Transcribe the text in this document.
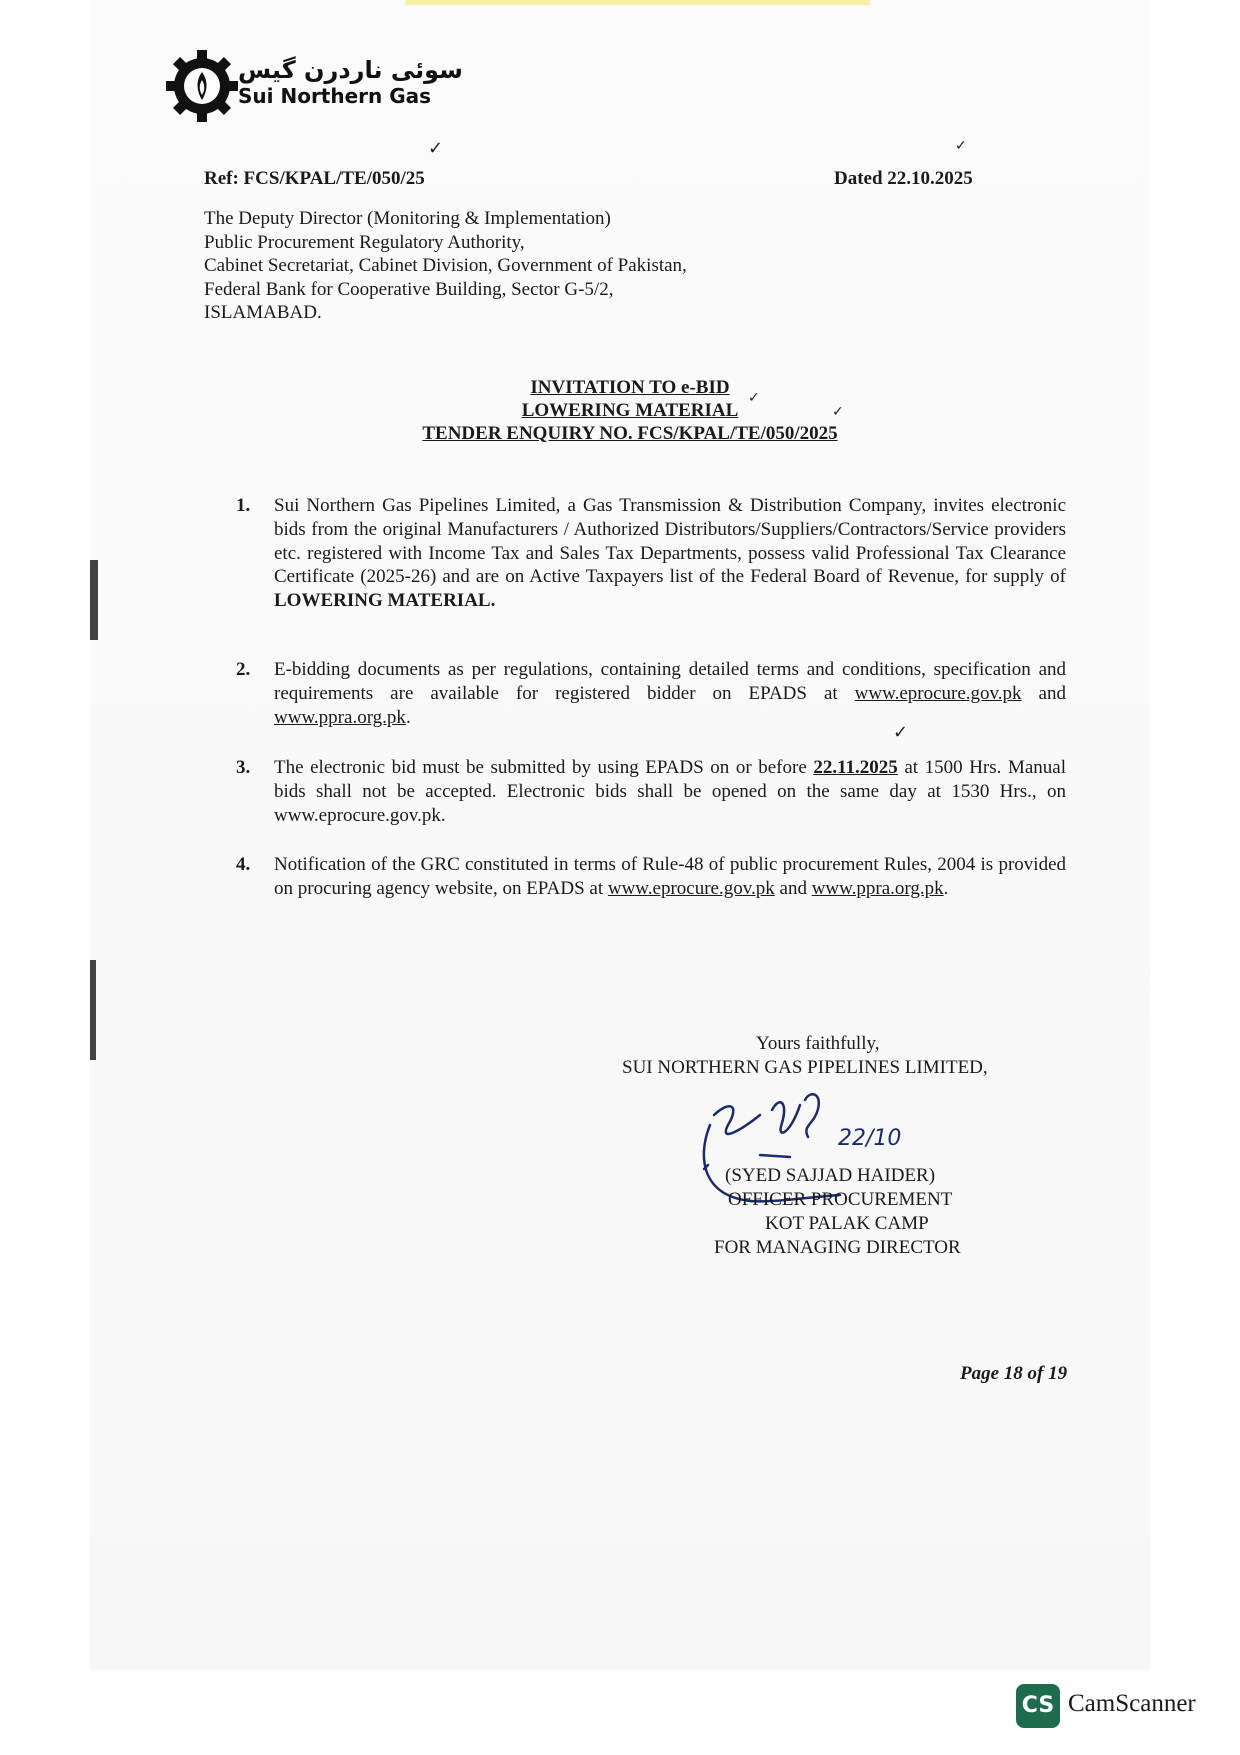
سوئی ناردرن گیس
Sui Northern Gas
✓	✓
Ref: FCS/KPAL/TE/050/25	Dated 22.10.2025
The Deputy Director (Monitoring & Implementation)
Public Procurement Regulatory Authority,
Cabinet Secretariat, Cabinet Division, Government of Pakistan,
Federal Bank for Cooperative Building, Sector G-5/2,
ISLAMABAD.
INVITATION TO e-BID
LOWERING MATERIAL
TENDER ENQUIRY NO. FCS/KPAL/TE/050/2025
✓
✓
1. Sui Northern Gas Pipelines Limited, a Gas Transmission & Distribution Company, invites electronic bids from the original Manufacturers / Authorized Distributors/Suppliers/Contractors/Service providers etc. registered with Income Tax and Sales Tax Departments, possess valid Professional Tax Clearance Certificate (2025-26) and are on Active Taxpayers list of the Federal Board of Revenue, for supply of LOWERING MATERIAL.
2. E-bidding documents as per regulations, containing detailed terms and conditions, specification and requirements are available for registered bidder on EPADS at www.eprocure.gov.pk and www.ppra.org.pk.
✓
3. The electronic bid must be submitted by using EPADS on or before 22.11.2025 at 1500 Hrs. Manual bids shall not be accepted. Electronic bids shall be opened on the same day at 1530 Hrs., on www.eprocure.gov.pk.
4. Notification of the GRC constituted in terms of Rule-48 of public procurement Rules, 2004 is provided on procuring agency website, on EPADS at www.eprocure.gov.pk and www.ppra.org.pk.
Yours faithfully,
SUI NORTHERN GAS PIPELINES LIMITED,
22/10
(SYED SAJJAD HAIDER)
OFFICER PROCUREMENT
KOT PALAK CAMP
FOR MANAGING DIRECTOR
Page 18 of 19
CS CamScanner
